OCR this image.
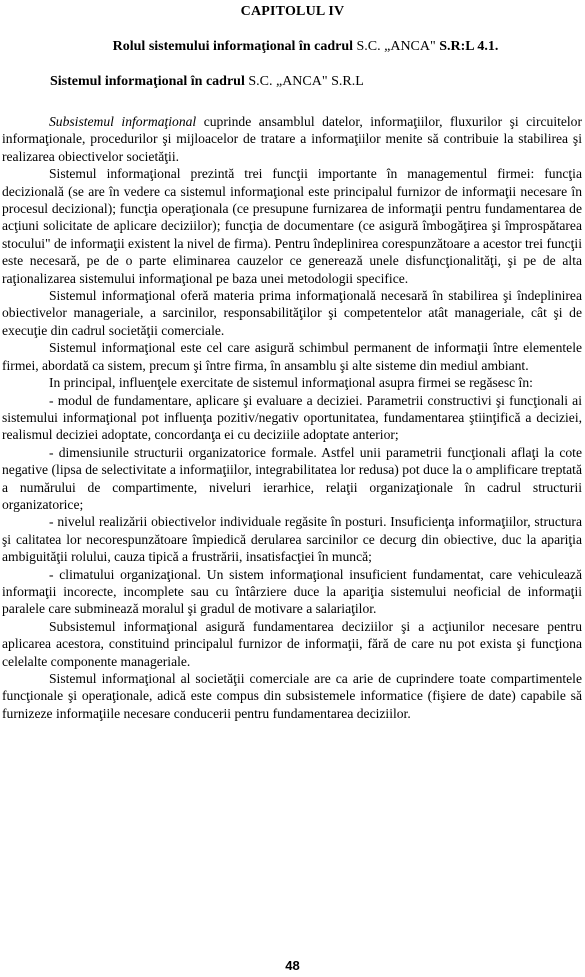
CAPITOLUL IV
Rolul sistemului informaţional în cadrul S.C. „ANCA" S.R:L 4.1.
Sistemul informaţional în cadrul S.C. „ANCA" S.R.L

Subsistemul informaţional cuprinde ansamblul datelor, informaţiilor, fluxurilor şi circuitelor informaţionale, procedurilor şi mijloacelor de tratare a informaţiilor menite să contribuie la stabilirea şi realizarea obiectivelor societăţii.

Sistemul informaţional prezintă trei funcţii importante în managementul firmei: funcţia decizională (se are în vedere ca sistemul informaţional este principalul furnizor de informaţii necesare în procesul decizional); funcţia operaţionala (ce presupune furnizarea de informaţii pentru fundamentarea de acţiuni solicitate de aplicare deciziilor); funcţia de documentare (ce asigură îmbogăţirea şi împrospătarea stocului" de informaţii existent la nivel de firma). Pentru îndeplinirea corespunzătoare a acestor trei funcţii este necesară, pe de o parte eliminarea cauzelor ce generează unele disfuncţionalităţi, şi pe de alta raţionalizarea sistemului informaţional pe baza unei metodologii specifice.

Sistemul informaţional oferă materia prima informaţională necesară în stabilirea şi îndeplinirea obiectivelor manageriale, a sarcinilor, responsabilităţilor şi competentelor atât manageriale, cât şi de execuţie din cadrul societăţii comerciale.

Sistemul informaţional este cel care asigură schimbul permanent de informaţii între elementele firmei, abordată ca sistem, precum şi între firma, în ansamblu şi alte sisteme din mediul ambiant.

In principal, influenţele exercitate de sistemul informaţional asupra firmei se regăsesc în:

- modul de fundamentare, aplicare şi evaluare a deciziei. Parametrii constructivi şi funcţionali ai sistemului informaţional pot influenţa pozitiv/negativ oportunitatea, fundamentarea ştiinţifică a deciziei, realismul deciziei adoptate, concordanţa ei cu deciziile adoptate anterior;

- dimensiunile structurii organizatorice formale. Astfel unii parametrii funcţionali aflaţi la cote negative (lipsa de selectivitate a informaţiilor, integrabilitatea lor redusa) pot duce la o amplificare treptată a numărului de compartimente, niveluri ierarhice, relaţii organizaţionale în cadrul structurii organizatorice;

- nivelul realizării obiectivelor individuale regăsite în posturi. Insuficienţa informaţiilor, structura şi calitatea lor necorespunzătoare împiedică derularea sarcinilor ce decurg din obiective, duc la apariţia ambiguităţii rolului, cauza tipică a frustrării, insatisfacţiei în muncă;

- climatului organizaţional. Un sistem informaţional insuficient fundamentat, care vehiculează informaţii incorecte, incomplete sau cu întârziere duce la apariţia sistemului neoficial de informaţii paralele care subminează moralul şi gradul de motivare a salariaţilor.

Subsistemul informaţional asigură fundamentarea deciziilor şi a acţiunilor necesare pentru aplicarea acestora, constituind principalul furnizor de informaţii, fără de care nu pot exista şi funcţiona celelalte componente manageriale.

Sistemul informaţional al societăţii comerciale are ca arie de cuprindere toate compartimentele funcţionale şi operaţionale, adică este compus din subsistemele informatice (fişiere de date) capabile să furnizeze informaţiile necesare conducerii pentru fundamentarea deciziilor.

48
